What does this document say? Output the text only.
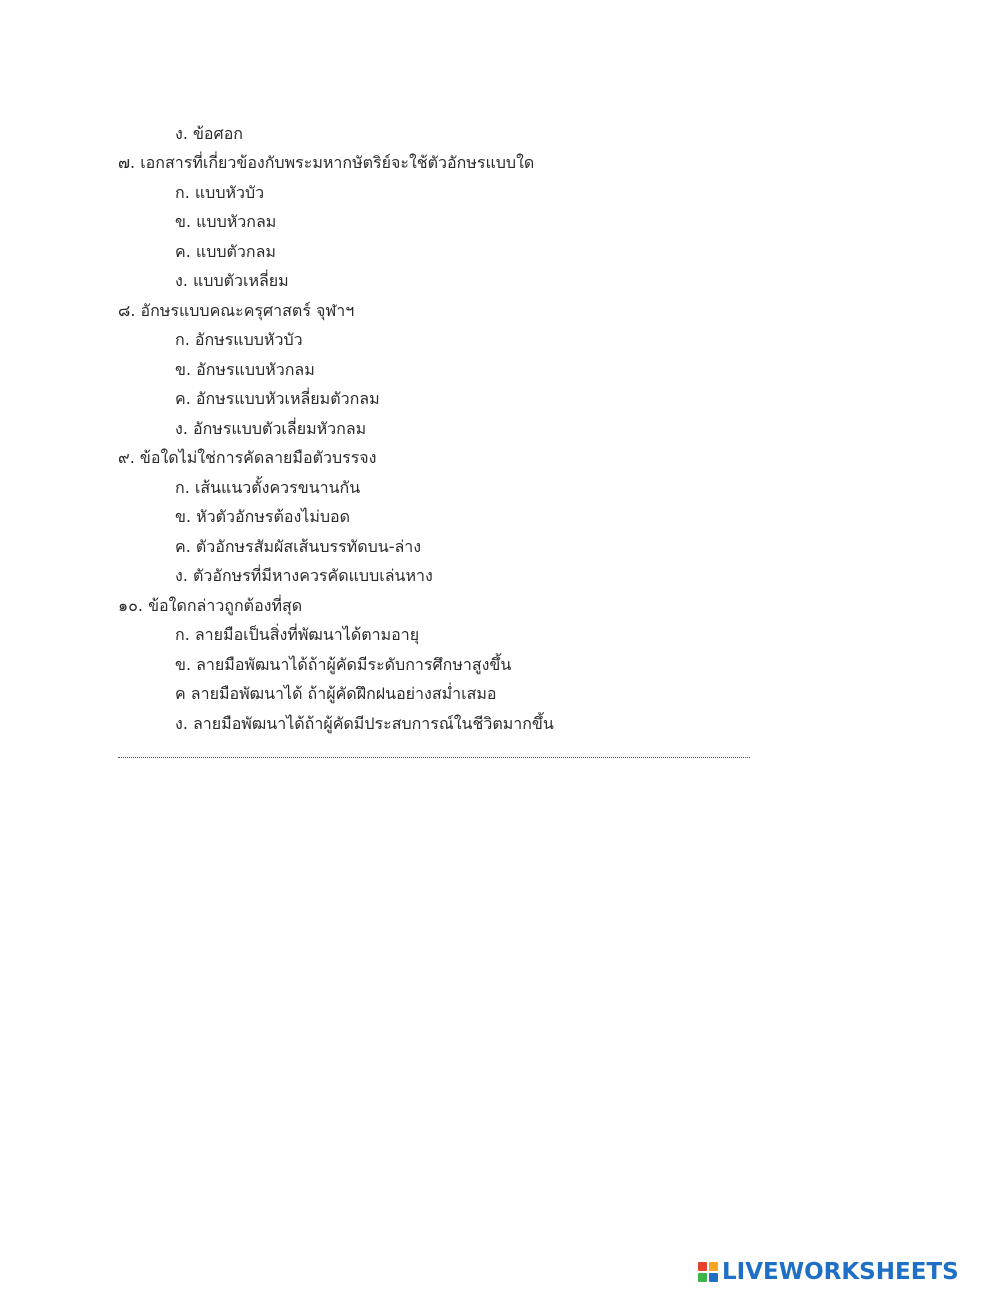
ง. ข้อศอก
๗. เอกสารที่เกี่ยวข้องกับพระมหากษัตริย์จะใช้ตัวอักษรแบบใด
ก. แบบหัวบัว
ข. แบบหัวกลม
ค. แบบตัวกลม
ง. แบบตัวเหลี่ยม
๘. อักษรแบบคณะครุศาสตร์ จุฬาฯ
ก. อักษรแบบหัวบัว
ข. อักษรแบบหัวกลม
ค. อักษรแบบหัวเหลี่ยมตัวกลม
ง. อักษรแบบตัวเลี่ยมหัวกลม
๙. ข้อใดไม่ใช่การคัดลายมือตัวบรรจง
ก. เส้นแนวตั้งควรขนานกัน
ข. หัวตัวอักษรต้องไม่บอด
ค. ตัวอักษรสัมผัสเส้นบรรทัดบน-ล่าง
ง. ตัวอักษรที่มีหางควรคัดแบบเล่นหาง
๑๐. ข้อใดกล่าวถูกต้องที่สุด
ก. ลายมือเป็นสิ่งที่พัฒนาได้ตามอายุ
ข. ลายมือพัฒนาได้ถ้าผู้คัดมีระดับการศึกษาสูงขึ้น
ค ลายมือพัฒนาได้ ถ้าผู้คัดฝึกฝนอย่างสม่ำเสมอ
ง. ลายมือพัฒนาได้ถ้าผู้คัดมีประสบการณ์ในชีวิตมากขึ้น
LIVEWORKSHEETS
